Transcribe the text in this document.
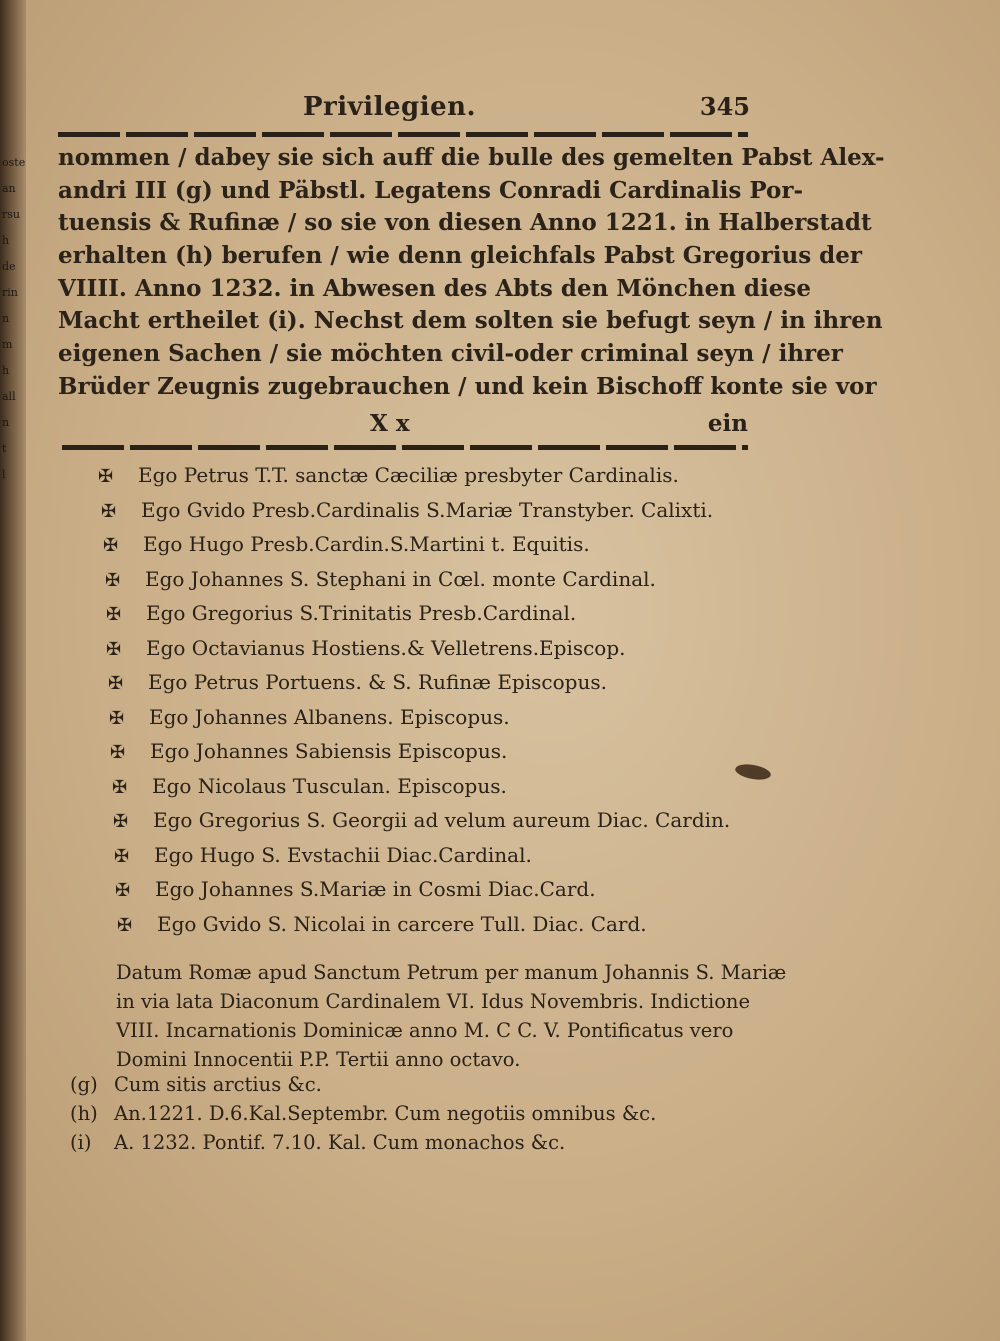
oste
an
rsu
h
de
rin
n
m
h
all
n
t
l
Privilegien.	345
nommen / dabey sie sich auff die bulle des gemelten Pabst Alex-
andri III (g) und Päbstl. Legatens Conradi Cardinalis Por-
tuensis & Rufinæ / so sie von diesen Anno 1221. in Halberstadt
erhalten (h) berufen / wie denn gleichfals Pabst Gregorius der
VIIII. Anno 1232. in Abwesen des Abts den Mönchen diese
Macht ertheilet (i). Nechst dem solten sie befugt seyn / in ihren
eigenen Sachen / sie möchten civil-oder criminal seyn / ihrer
Brüder Zeugnis zugebrauchen / und kein Bischoff konte sie vor
X x	ein
✠ Ego Petrus T.T. sanctæ Cæciliæ presbyter Cardinalis.
✠ Ego Gvido Presb.Cardinalis S.Mariæ Transtyber. Calixti.
✠ Ego Hugo Presb.Cardin.S.Martini t. Equitis.
✠ Ego Johannes S. Stephani in Cœl. monte Cardinal.
✠ Ego Gregorius S.Trinitatis Presb.Cardinal.
✠ Ego Octavianus Hostiens.& Velletrens.Episcop.
✠ Ego Petrus Portuens. & S. Rufinæ Episcopus.
✠ Ego Johannes Albanens. Episcopus.
✠ Ego Johannes Sabiensis Episcopus.
✠ Ego Nicolaus Tusculan. Episcopus.
✠ Ego Gregorius S. Georgii ad velum aureum Diac. Cardin.
✠ Ego Hugo S. Evstachii Diac.Cardinal.
✠ Ego Johannes S.Mariæ in Cosmi Diac.Card.
✠ Ego Gvido S. Nicolai in carcere Tull. Diac. Card.
Datum Romæ apud Sanctum Petrum per manum Johannis S. Mariæ
in via lata Diaconum Cardinalem VI. Idus Novembris. Indictione
VIII. Incarnationis Dominicæ anno M. C C. V. Pontificatus vero
Domini Innocentii P.P. Tertii anno octavo.
(g) Cum sitis arctius &c.
(h) An.1221. D.6.Kal.Septembr. Cum negotiis omnibus &c.
(i) A. 1232. Pontif. 7.10. Kal. Cum monachos &c.
